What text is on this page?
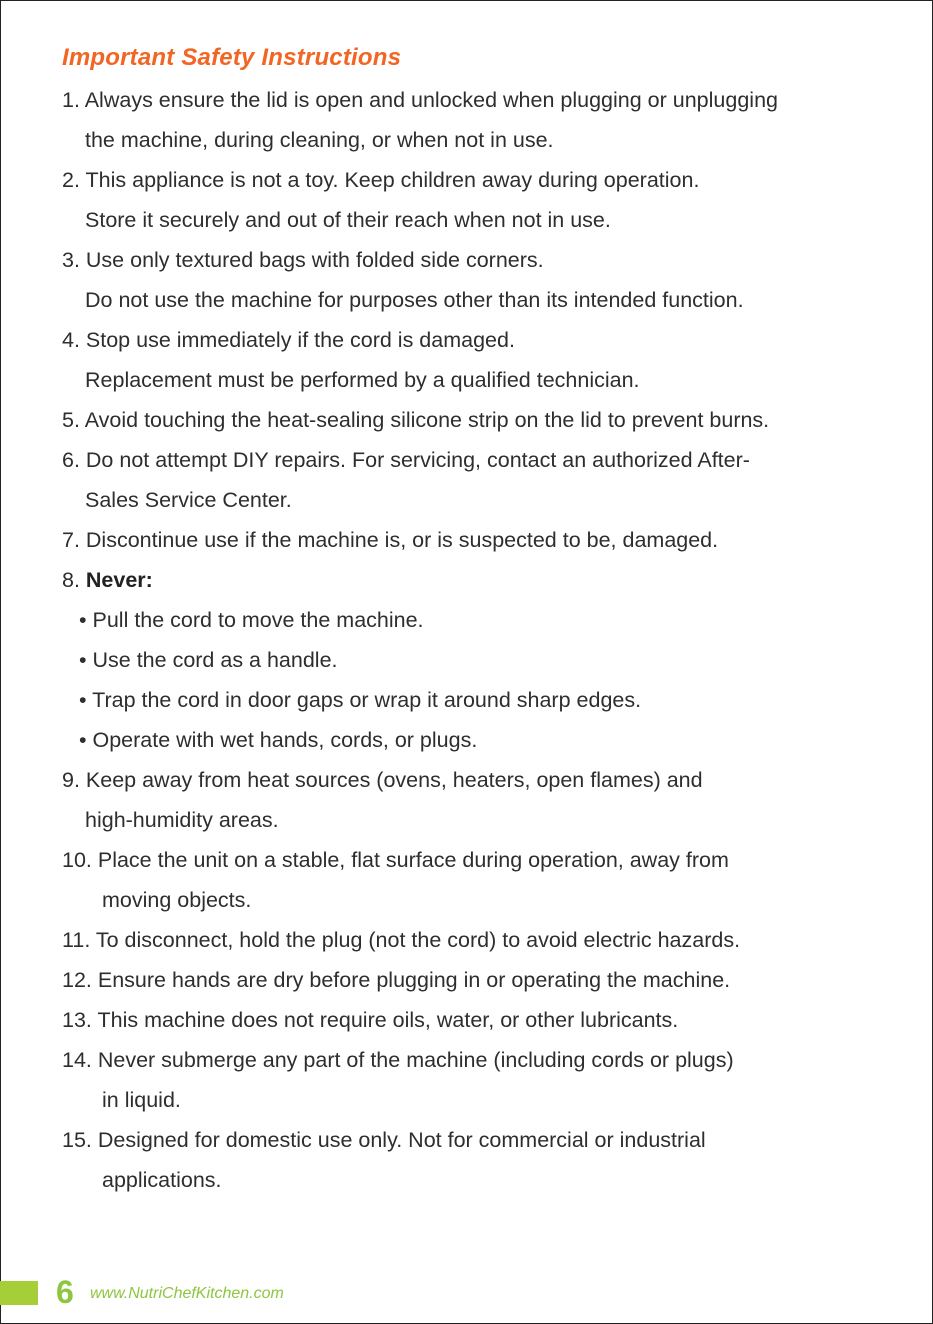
Important Safety Instructions
1. Always ensure the lid is open and unlocked when plugging or unplugging
the machine, during cleaning, or when not in use.
2. This appliance is not a toy. Keep children away during operation.
Store it securely and out of their reach when not in use.
3. Use only textured bags with folded side corners.
Do not use the machine for purposes other than its intended function.
4. Stop use immediately if the cord is damaged.
Replacement must be performed by a qualified technician.
5. Avoid touching the heat-sealing silicone strip on the lid to prevent burns.
6. Do not attempt DIY repairs. For servicing, contact an authorized After-
Sales Service Center.
7. Discontinue use if the machine is, or is suspected to be, damaged.
8. Never:
• Pull the cord to move the machine.
• Use the cord as a handle.
• Trap the cord in door gaps or wrap it around sharp edges.
• Operate with wet hands, cords, or plugs.
9. Keep away from heat sources (ovens, heaters, open flames) and
high-humidity areas.
10. Place the unit on a stable, flat surface during operation, away from
moving objects.
11. To disconnect, hold the plug (not the cord) to avoid electric hazards.
12. Ensure hands are dry before plugging in or operating the machine.
13. This machine does not require oils, water, or other lubricants.
14. Never submerge any part of the machine (including cords or plugs)
in liquid.
15. Designed for domestic use only. Not for commercial or industrial
applications.
6 www.NutriChefKitchen.com
